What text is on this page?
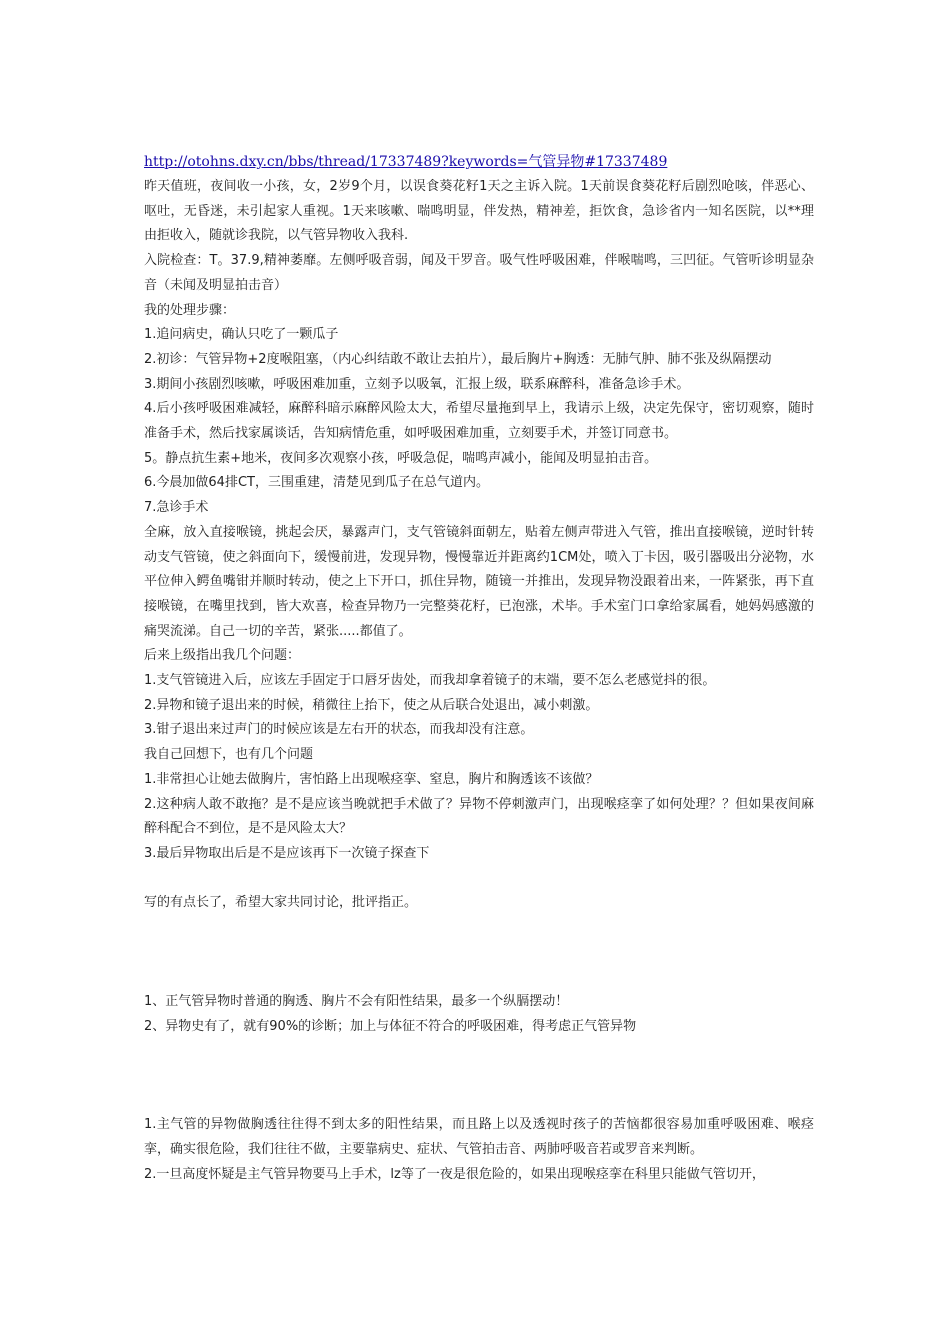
http://otohns.dxy.cn/bbs/thread/17337489?keywords=气管异物#17337489

昨天值班，夜间收一小孩，女，2岁9个月，以误食葵花籽1天之主诉入院。1天前误食葵花籽后剧烈呛咳，伴恶心、呕吐，无昏迷，未引起家人重视。1天来咳嗽、喘鸣明显，伴发热，精神差，拒饮食，急诊省内一知名医院，以**理由拒收入，随就诊我院，以气管异物收入我科.

入院检查：T。37.9,精神萎靡。左侧呼吸音弱，闻及干罗音。吸气性呼吸困难，伴喉喘鸣，三凹征。气管听诊明显杂音（未闻及明显拍击音）

我的处理步骤：

1.追问病史，确认只吃了一颗瓜子

2.初诊：气管异物+2度喉阻塞，（内心纠结敢不敢让去拍片），最后胸片+胸透：无肺气肿、肺不张及纵隔摆动

3.期间小孩剧烈咳嗽，呼吸困难加重，立刻予以吸氧，汇报上级，联系麻醉科，准备急诊手术。

4.后小孩呼吸困难减轻，麻醉科暗示麻醉风险太大，希望尽量拖到早上，我请示上级，决定先保守，密切观察，随时准备手术，然后找家属谈话，告知病情危重，如呼吸困难加重，立刻要手术，并签订同意书。

5。静点抗生素+地米，夜间多次观察小孩，呼吸急促，喘鸣声减小，能闻及明显拍击音。

6.今晨加做64排CT，三围重建，清楚见到瓜子在总气道内。

7.急诊手术

全麻，放入直接喉镜，挑起会厌，暴露声门，支气管镜斜面朝左，贴着左侧声带进入气管，推出直接喉镜，逆时针转动支气管镜，使之斜面向下，缓慢前进，发现异物，慢慢靠近并距离约1CM处，喷入丁卡因，吸引器吸出分泌物，水平位伸入鳄鱼嘴钳并顺时转动，使之上下开口，抓住异物，随镜一并推出，发现异物没跟着出来，一阵紧张，再下直接喉镜，在嘴里找到，皆大欢喜，检查异物乃一完整葵花籽，已泡涨，术毕。手术室门口拿给家属看，她妈妈感激的痛哭流涕。自己一切的辛苦，紧张.....都值了。

后来上级指出我几个问题：

1.支气管镜进入后，应该左手固定于口唇牙齿处，而我却拿着镜子的末端，要不怎么老感觉抖的很。

2.异物和镜子退出来的时候，稍微往上抬下，使之从后联合处退出，减小刺激。

3.钳子退出来过声门的时候应该是左右开的状态，而我却没有注意。

我自己回想下，也有几个问题

1.非常担心让她去做胸片，害怕路上出现喉痉挛、窒息，胸片和胸透该不该做？

2.这种病人敢不敢拖？是不是应该当晚就把手术做了？异物不停刺激声门，出现喉痉挛了如何处理？？但如果夜间麻醉科配合不到位，是不是风险太大？

3.最后异物取出后是不是应该再下一次镜子探查下

写的有点长了，希望大家共同讨论，批评指正。

1、正气管异物时普通的胸透、胸片不会有阳性结果，最多一个纵膈摆动！

2、异物史有了，就有90%的诊断；加上与体征不符合的呼吸困难，得考虑正气管异物

1.主气管的异物做胸透往往得不到太多的阳性结果，而且路上以及透视时孩子的苦恼都很容易加重呼吸困难、喉痉挛，确实很危险，我们往往不做，主要靠病史、症状、气管拍击音、两肺呼吸音若或罗音来判断。

2.一旦高度怀疑是主气管异物要马上手术，lz等了一夜是很危险的，如果出现喉痉挛在科里只能做气管切开，
